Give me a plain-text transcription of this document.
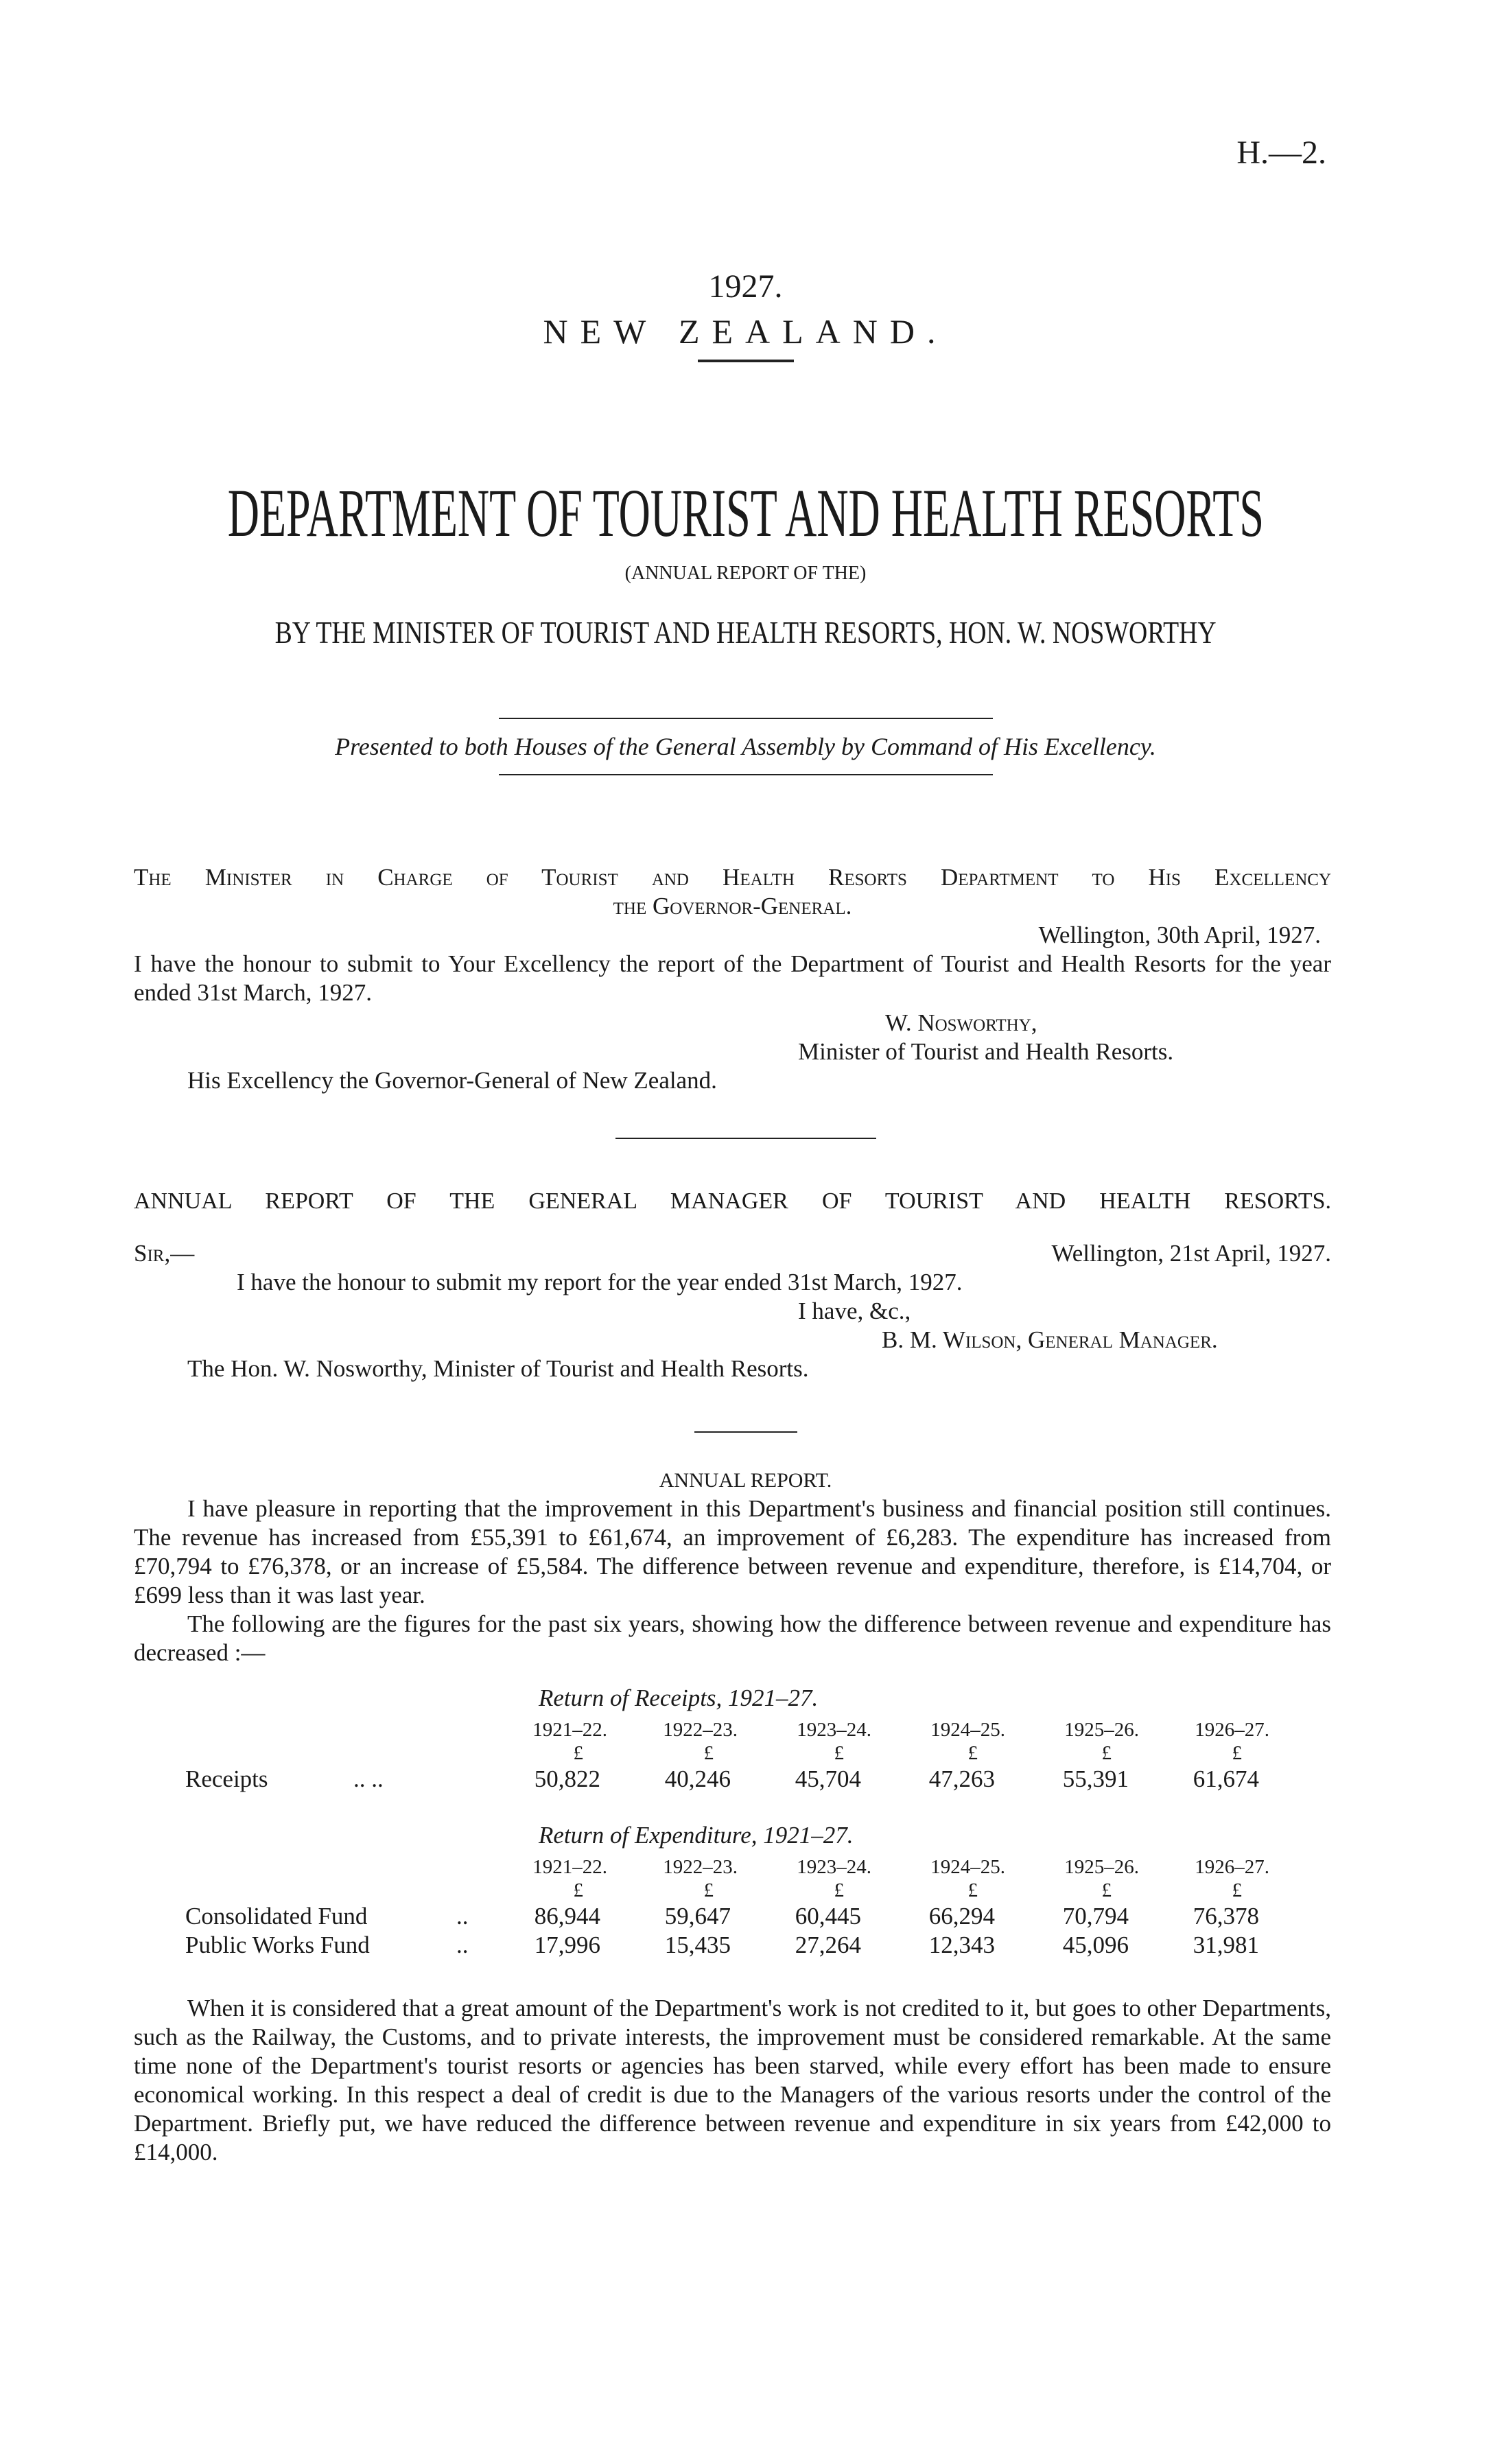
H.—2.
1927.
NEW ZEALAND.
DEPARTMENT OF TOURIST AND HEALTH RESORTS
(ANNUAL REPORT OF THE)
BY THE MINISTER OF TOURIST AND HEALTH RESORTS, HON. W. NOSWORTHY
Presented to both Houses of the General Assembly by Command of His Excellency.
The Minister in Charge of Tourist and Health Resorts Department to His Excellency
the Governor-General.
Wellington, 30th April, 1927.
I have the honour to submit to Your Excellency the report of the Department of Tourist and Health Resorts for the year ended 31st March, 1927.
W. Nosworthy,
Minister of Tourist and Health Resorts.
His Excellency the Governor-General of New Zealand.
ANNUAL REPORT OF THE GENERAL MANAGER OF TOURIST AND HEALTH RESORTS.
Sir,—	Wellington, 21st April, 1927.
I have the honour to submit my report for the year ended 31st March, 1927.
I have, &c.,
B. M. Wilson, General Manager.
The Hon. W. Nosworthy, Minister of Tourist and Health Resorts.
ANNUAL REPORT.
I have pleasure in reporting that the improvement in this Department's business and financial position still continues. The revenue has increased from £55,391 to £61,674, an improvement of £6,283. The expenditure has increased from £70,794 to £76,378, or an increase of £5,584. The difference between revenue and expenditure, therefore, is £14,704, or £699 less than it was last year.
The following are the figures for the past six years, showing how the difference between revenue and expenditure has decreased :—
Return of Receipts, 1921–27.
1921–22.	1922–23.	1923–24.	1924–25.	1925–26.	1926–27.
£	£	£	£	£	£
Receipts	.. ..	50,822	40,246	45,704	47,263	55,391	61,674
Return of Expenditure, 1921–27.
1921–22.	1922–23.	1923–24.	1924–25.	1925–26.	1926–27.
£	£	£	£	£	£
Consolidated Fund	..	86,944	59,647	60,445	66,294	70,794	76,378
Public Works Fund	..	17,996	15,435	27,264	12,343	45,096	31,981
When it is considered that a great amount of the Department's work is not credited to it, but goes to other Departments, such as the Railway, the Customs, and to private interests, the improvement must be considered remarkable. At the same time none of the Department's tourist resorts or agencies has been starved, while every effort has been made to ensure economical working. In this respect a deal of credit is due to the Managers of the various resorts under the control of the Department. Briefly put, we have reduced the difference between revenue and expenditure in six years from £42,000 to £14,000.
